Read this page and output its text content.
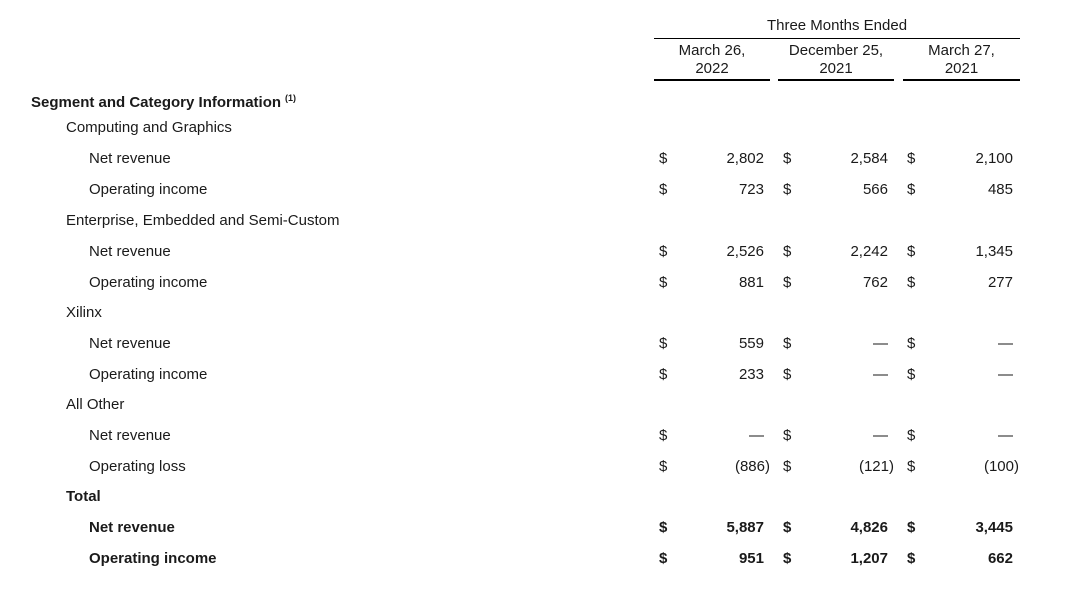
Three Months Ended
March 26,
2022
December 25,
2021
March 27,
2021
Segment and Category Information $^{(1)}$
Computing and Graphics
Net revenue	$	2,802 $	2,584 $	2,100
Operating income	$	723 $	566 $	485
Enterprise, Embedded and Semi-Custom
Net revenue	$	2,526 $	2,242 $	1,345
Operating income	$	881 $	762 $	277
Xilinx
Net revenue	$	559 $	— $	—
Operating income	$	233 $	— $	—
All Other
Net revenue	$	— $	— $	—
Operating loss	$	(886) $	(121) $	(100)
Total
Net revenue	$	5,887 $	4,826 $	3,445
Operating income	$	951 $	1,207 $	662
